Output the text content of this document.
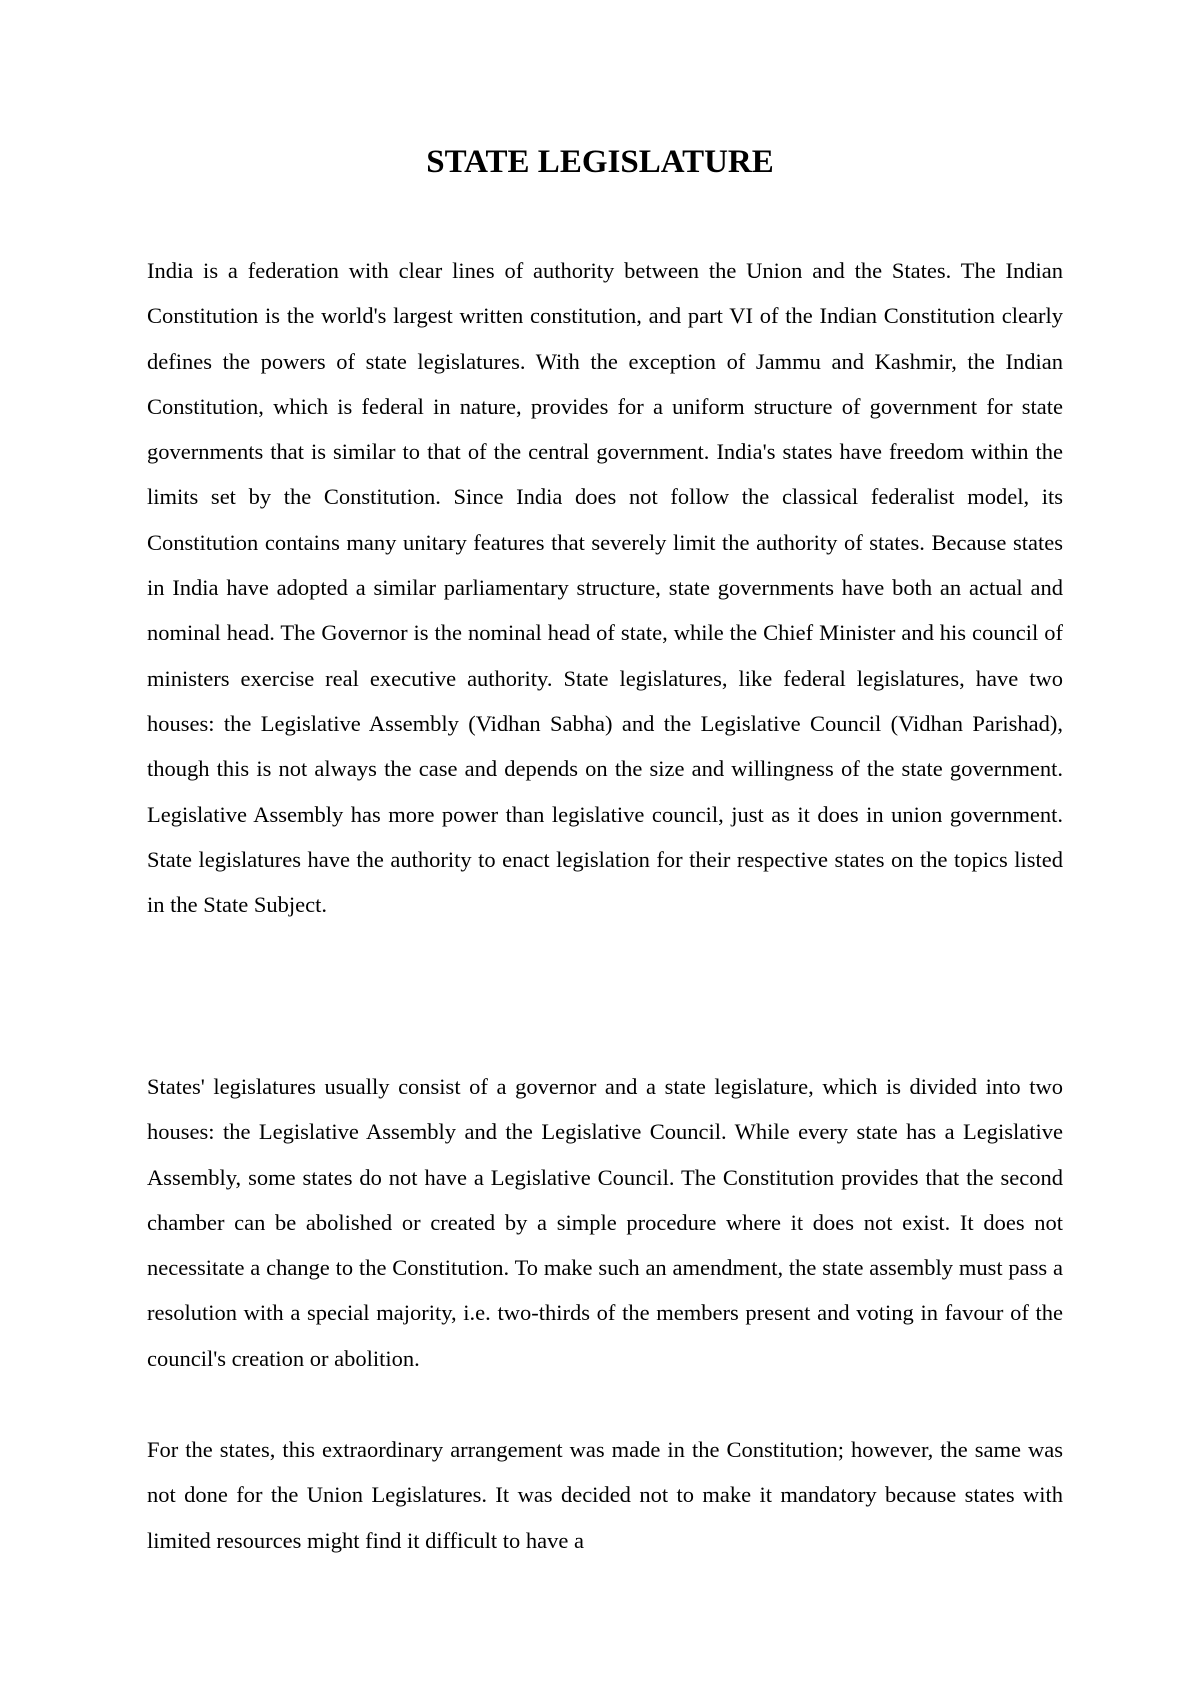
STATE LEGISLATURE

India is a federation with clear lines of authority between the Union and the States. The Indian Constitution is the world's largest written constitution, and part VI of the Indian Constitution clearly defines the powers of state legislatures. With the exception of Jammu and Kashmir, the Indian Constitution, which is federal in nature, provides for a uniform structure of government for state governments that is similar to that of the central government. India's states have freedom within the limits set by the Constitution. Since India does not follow the classical federalist model, its Constitution contains many unitary features that severely limit the authority of states. Because states in India have adopted a similar parliamentary structure, state governments have both an actual and nominal head. The Governor is the nominal head of state, while the Chief Minister and his council of ministers exercise real executive authority. State legislatures, like federal legislatures, have two houses: the Legislative Assembly (Vidhan Sabha) and the Legislative Council (Vidhan Parishad), though this is not always the case and depends on the size and willingness of the state government. Legislative Assembly has more power than legislative council, just as it does in union government. State legislatures have the authority to enact legislation for their respective states on the topics listed in the State Subject.

States' legislatures usually consist of a governor and a state legislature, which is divided into two houses: the Legislative Assembly and the Legislative Council. While every state has a Legislative Assembly, some states do not have a Legislative Council. The Constitution provides that the second chamber can be abolished or created by a simple procedure where it does not exist. It does not necessitate a change to the Constitution. To make such an amendment, the state assembly must pass a resolution with a special majority, i.e. two-thirds of the members present and voting in favour of the council's creation or abolition.

For the states, this extraordinary arrangement was made in the Constitution; however, the same was not done for the Union Legislatures. It was decided not to make it mandatory because states with limited resources might find it difficult to have a
